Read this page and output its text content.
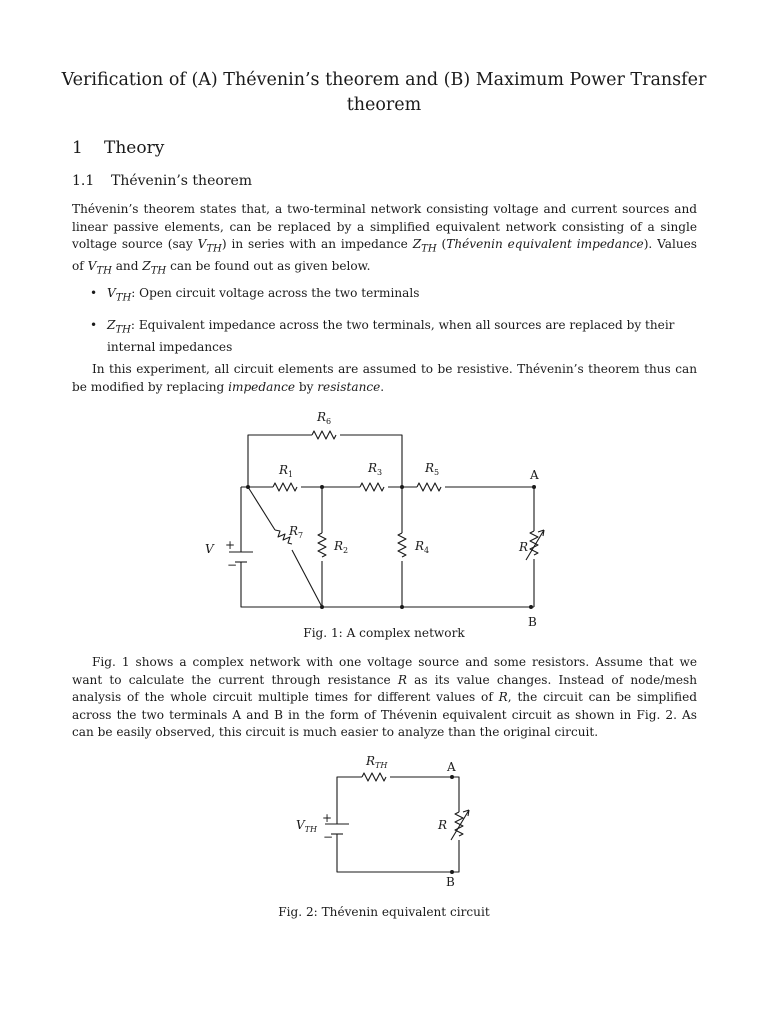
Verification of (A) Thévenin’s theorem and (B) Maximum Power Transfer theorem
1 Theory
1.1 Thévenin’s theorem

Thévenin’s theorem states that, a two-terminal network consisting voltage and current sources and linear passive elements, can be replaced by a simplified equivalent network consisting of a single voltage source (say $V_{TH}$) in series with an impedance $Z_{TH}$ (Thévenin equivalent impedance). Values of $V_{TH}$ and $Z_{TH}$ can be found out as given below.

• $V_{TH}$: Open circuit voltage across the two terminals
• $Z_{TH}$: Equivalent impedance across the two terminals, when all sources are replaced by their internal impedances

In this experiment, all circuit elements are assumed to be resistive. Thévenin’s theorem thus can be modified by replacing impedance by resistance.

$R_6$
$R_1$	$R_3$	$R_5$
$R_7$
$R_2$	$R_4$	R
V +
−
A
B

Fig. 1: A complex network

Fig. 1 shows a complex network with one voltage source and some resistors. Assume that we want to calculate the current through resistance R as its value changes. Instead of node/mesh analysis of the whole circuit multiple times for different values of R, the circuit can be simplified across the two terminals A and B in the form of Thévenin equivalent circuit as shown in Fig. 2. As can be easily observed, this circuit is much easier to analyze than the original circuit.

$R_{TH}$
$V_{TH}$
+
−
R
A
B

Fig. 2: Thévenin equivalent circuit
